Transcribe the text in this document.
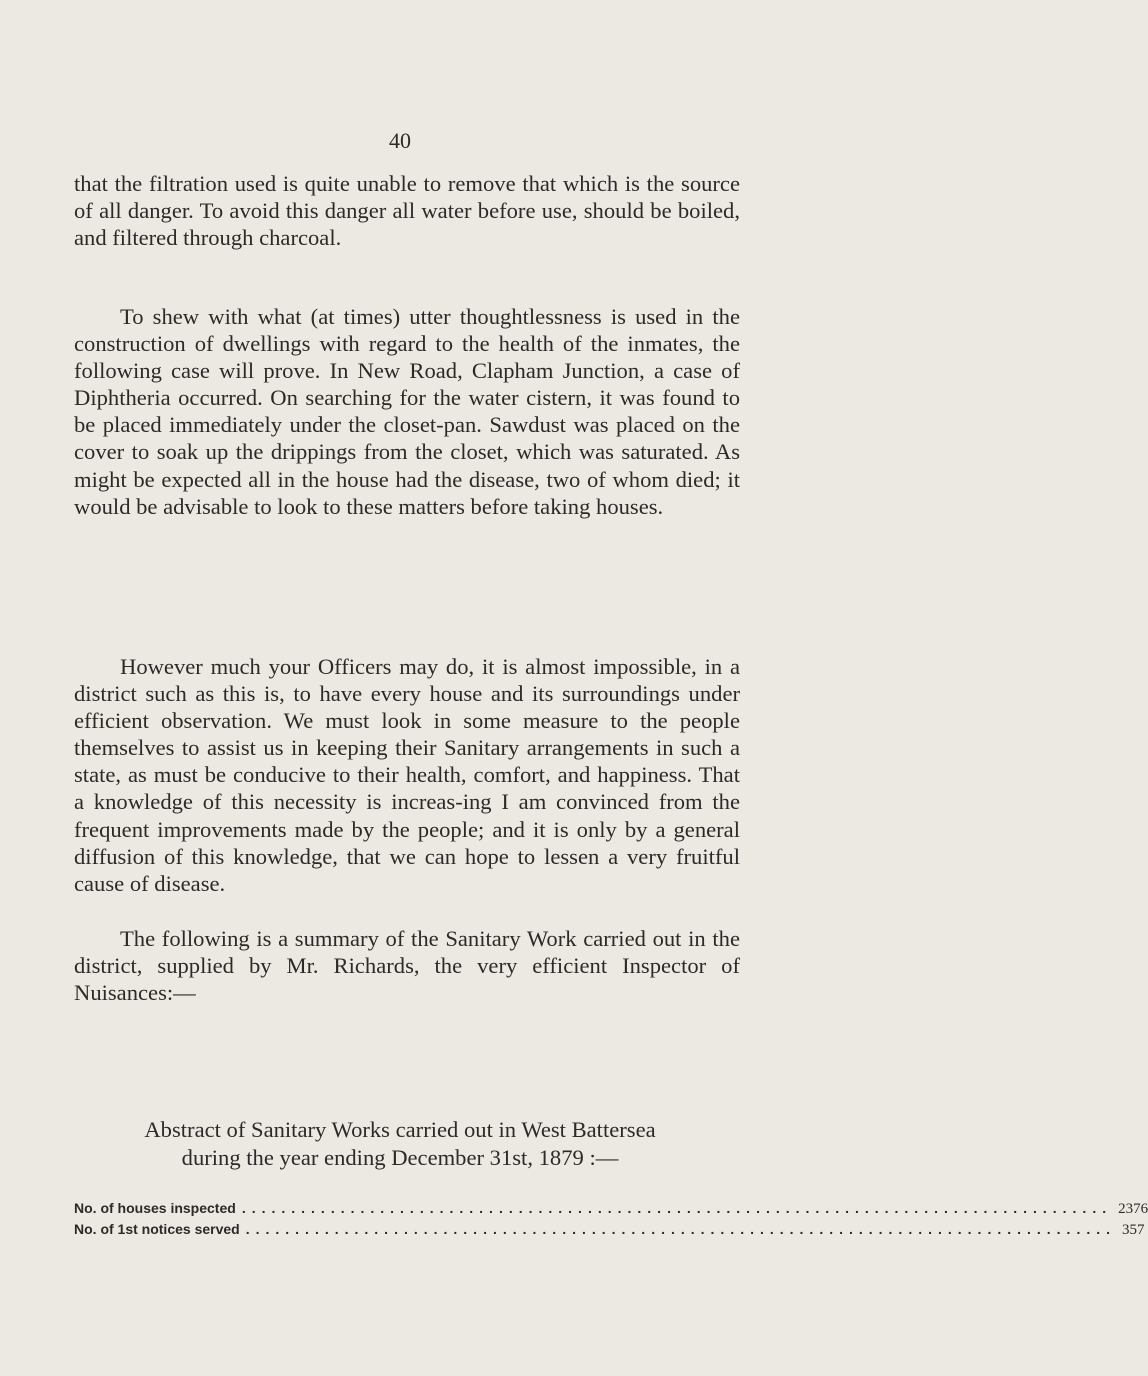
40

that the filtration used is quite unable to remove that which is the source of all danger. To avoid this danger all water before use, should be boiled, and filtered through charcoal.

To shew with what (at times) utter thoughtlessness is used in the construction of dwellings with regard to the health of the inmates, the following case will prove. In New Road, Clapham Junction, a case of Diphtheria occurred. On searching for the water cistern, it was found to be placed immediately under the closet-pan. Sawdust was placed on the cover to soak up the drippings from the closet, which was saturated. As might be expected all in the house had the disease, two of whom died; it would be advisable to look to these matters before taking houses.

However much your Officers may do, it is almost impossible, in a district such as this is, to have every house and its surroundings under efficient observation. We must look in some measure to the people themselves to assist us in keeping their Sanitary arrangements in such a state, as must be conducive to their health, comfort, and happiness. That a knowledge of this necessity is increas-ing I am convinced from the frequent improvements made by the people; and it is only by a general diffusion of this knowledge, that we can hope to lessen a very fruitful cause of disease.

The following is a summary of the Sanitary Work carried out in the district, supplied by Mr. Richards, the very efficient Inspector of Nuisances:—

Abstract of Sanitary Works carried out in West Battersea
during the year ending December 31st, 1879 :—
No. of houses inspected ........................................................................................ 2376
No. of 1st notices served ........................................................................................ 357
